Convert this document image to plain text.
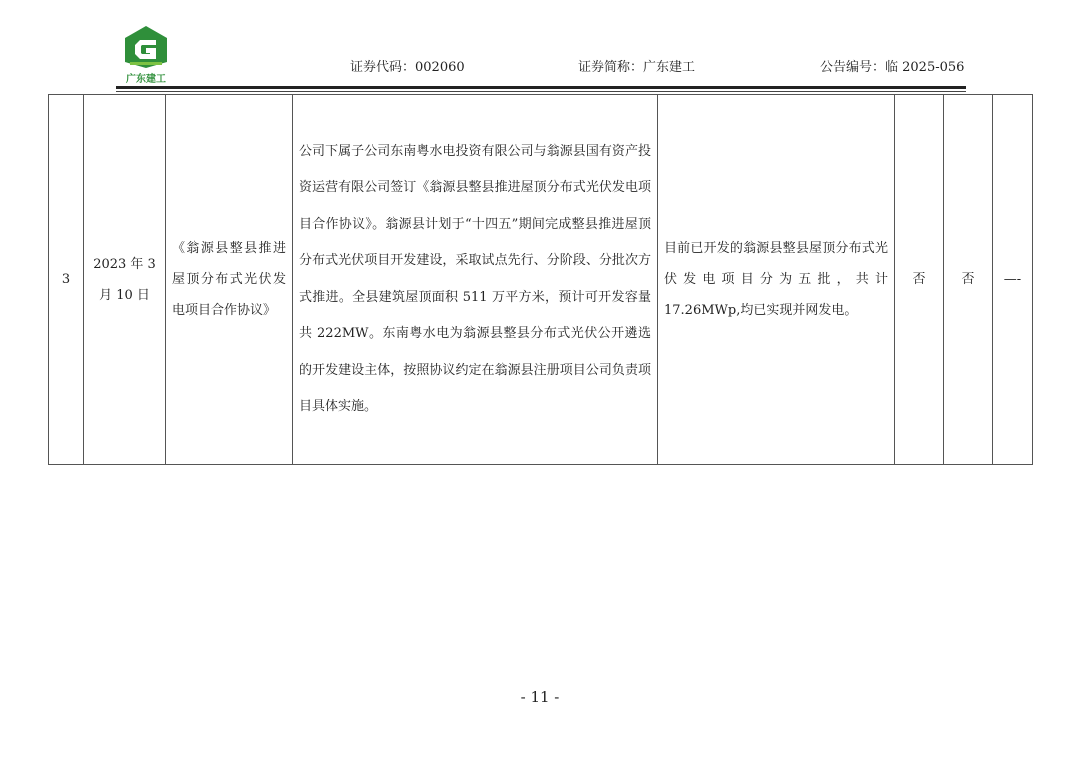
广东建工
证券代码：002060	证券简称：广东建工	公告编号：临 2025-056
3	2023 年 3 月 10 日	《翁源县整县推进屋顶分布式光伏发电项目合作协议》	公司下属子公司东南粤水电投资有限公司与翁源县国有资产投资运营有限公司签订《翁源县整县推进屋顶分布式光伏发电项目合作协议》。翁源县计划于“十四五”期间完成整县推进屋顶分布式光伏项目开发建设，采取试点先行、分阶段、分批次方式推进。全县建筑屋顶面积 511 万平方米，预计可开发容量共 222MW。东南粤水电为翁源县整县分布式光伏公开遴选的开发建设主体，按照协议约定在翁源县注册项目公司负责项目具体实施。	目前已开发的翁源县整县屋顶分布式光伏发电项目分为五批，共计 17.26MWp,均已实现并网发电。	否	否	—-
- 11 -
